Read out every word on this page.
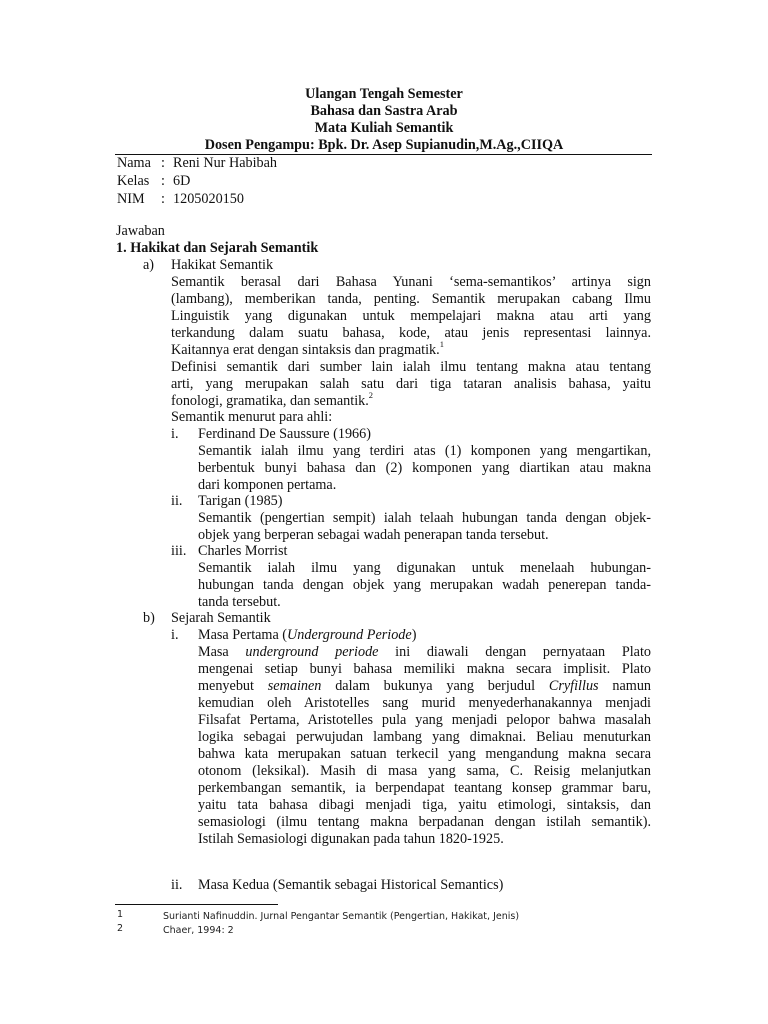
Ulangan Tengah Semester
Bahasa dan Sastra Arab
Mata Kuliah Semantik
Dosen Pengampu: Bpk. Dr. Asep Supianudin,M.Ag.,CIIQA
Nama : Reni Nur Habibah
Kelas : 6D
NIM	: 1205020150
Jawaban
1. Hakikat dan Sejarah Semantik
a) Hakikat Semantik
Semantik berasal dari Bahasa Yunani ‘sema-semantikos’ artinya sign
(lambang), memberikan tanda, penting. Semantik merupakan cabang Ilmu
Linguistik yang digunakan untuk mempelajari makna atau arti yang
terkandung dalam suatu bahasa, kode, atau jenis representasi lainnya.
Kaitannya erat dengan sintaksis dan pragmatik.$^1$
Definisi semantik dari sumber lain ialah ilmu tentang makna atau tentang
arti, yang merupakan salah satu dari tiga tataran analisis bahasa, yaitu
fonologi, gramatika, dan semantik.$^2$
Semantik menurut para ahli:
i. Ferdinand De Saussure (1966)
Semantik ialah ilmu yang terdiri atas (1) komponen yang mengartikan,
berbentuk bunyi bahasa dan (2) komponen yang diartikan atau makna
dari komponen pertama.
ii. Tarigan (1985)
Semantik (pengertian sempit) ialah telaah hubungan tanda dengan objek-
objek yang berperan sebagai wadah penerapan tanda tersebut.
iii. Charles Morrist
Semantik ialah ilmu yang digunakan untuk menelaah hubungan-
hubungan tanda dengan objek yang merupakan wadah penerepan tanda-
tanda tersebut.
b) Sejarah Semantik
i. Masa Pertama (Underground Periode)
Masa underground periode ini diawali dengan pernyataan Plato
mengenai setiap bunyi bahasa memiliki makna secara implisit. Plato
menyebut semainen dalam bukunya yang berjudul Cryfillus namun
kemudian oleh Aristotelles sang murid menyederhanakannya menjadi
Filsafat Pertama, Aristotelles pula yang menjadi pelopor bahwa masalah
logika sebagai perwujudan lambang yang dimaknai. Beliau menuturkan
bahwa kata merupakan satuan terkecil yang mengandung makna secara
otonom (leksikal). Masih di masa yang sama, C. Reisig melanjutkan
perkembangan semantik, ia berpendapat teantang konsep grammar baru,
yaitu tata bahasa dibagi menjadi tiga, yaitu etimologi, sintaksis, dan
semasiologi (ilmu tentang makna berpadanan dengan istilah semantik).
Istilah Semasiologi digunakan pada tahun 1820-1925.
ii. Masa Kedua (Semantik sebagai Historical Semantics)
1	Surianti Nafinuddin. Jurnal Pengantar Semantik (Pengertian, Hakikat, Jenis)
2	Chaer, 1994: 2
